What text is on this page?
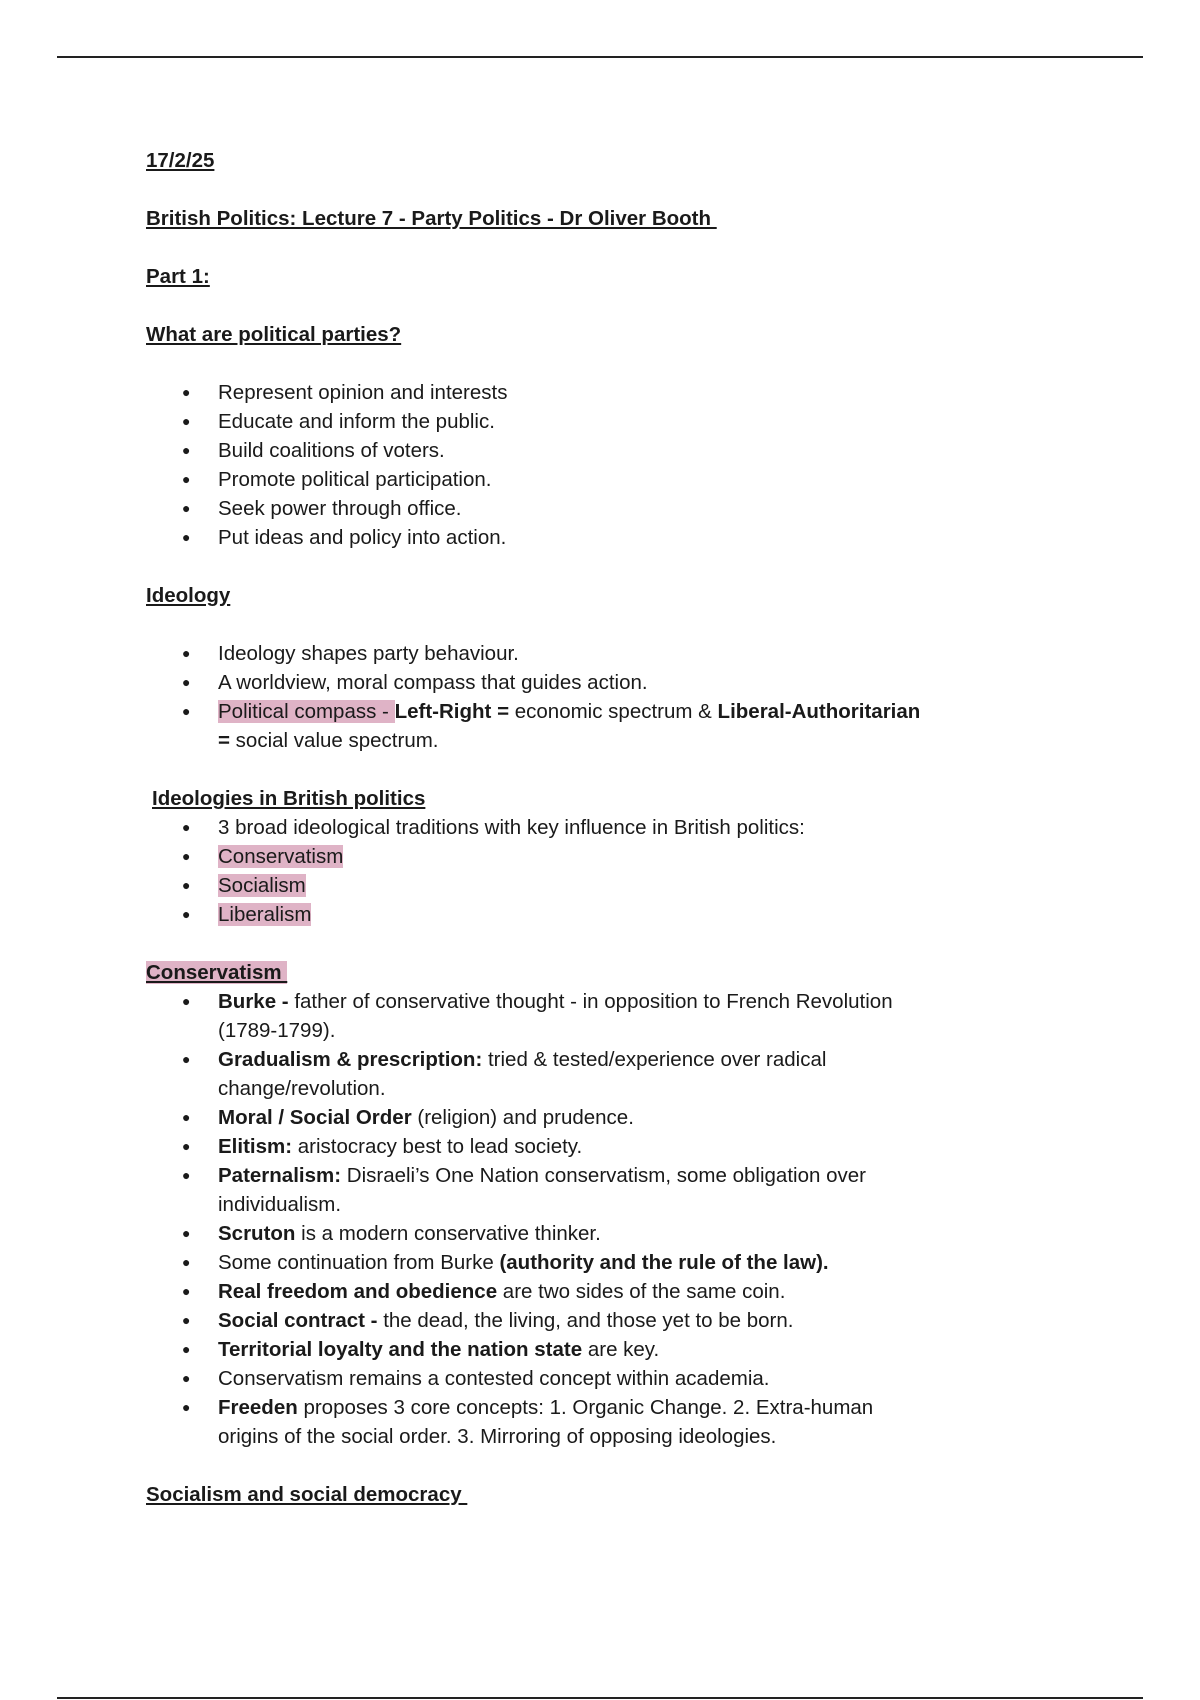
17/2/25

British Politics: Lecture 7 - Party Politics - Dr Oliver Booth

Part 1:

What are political parties?

● Represent opinion and interests
● Educate and inform the public.
● Build coalitions of voters.
● Promote political participation.
● Seek power through office.
● Put ideas and policy into action.

Ideology

● Ideology shapes party behaviour.
● A worldview, moral compass that guides action.
● Political compass - Left-Right = economic spectrum & Liberal-Authoritarian = social value spectrum.

Ideologies in British politics

● 3 broad ideological traditions with key influence in British politics:
● Conservatism
● Socialism
● Liberalism

Conservatism

● Burke - father of conservative thought - in opposition to French Revolution (1789-1799).
● Gradualism & prescription: tried & tested/experience over radical change/revolution.
● Moral / Social Order (religion) and prudence.
● Elitism: aristocracy best to lead society.
● Paternalism: Disraeli’s One Nation conservatism, some obligation over individualism.
● Scruton is a modern conservative thinker.
● Some continuation from Burke (authority and the rule of the law).
● Real freedom and obedience are two sides of the same coin.
● Social contract - the dead, the living, and those yet to be born.
● Territorial loyalty and the nation state are key.
● Conservatism remains a contested concept within academia.
● Freeden proposes 3 core concepts: 1. Organic Change. 2. Extra-human origins of the social order. 3. Mirroring of opposing ideologies.

Socialism and social democracy
